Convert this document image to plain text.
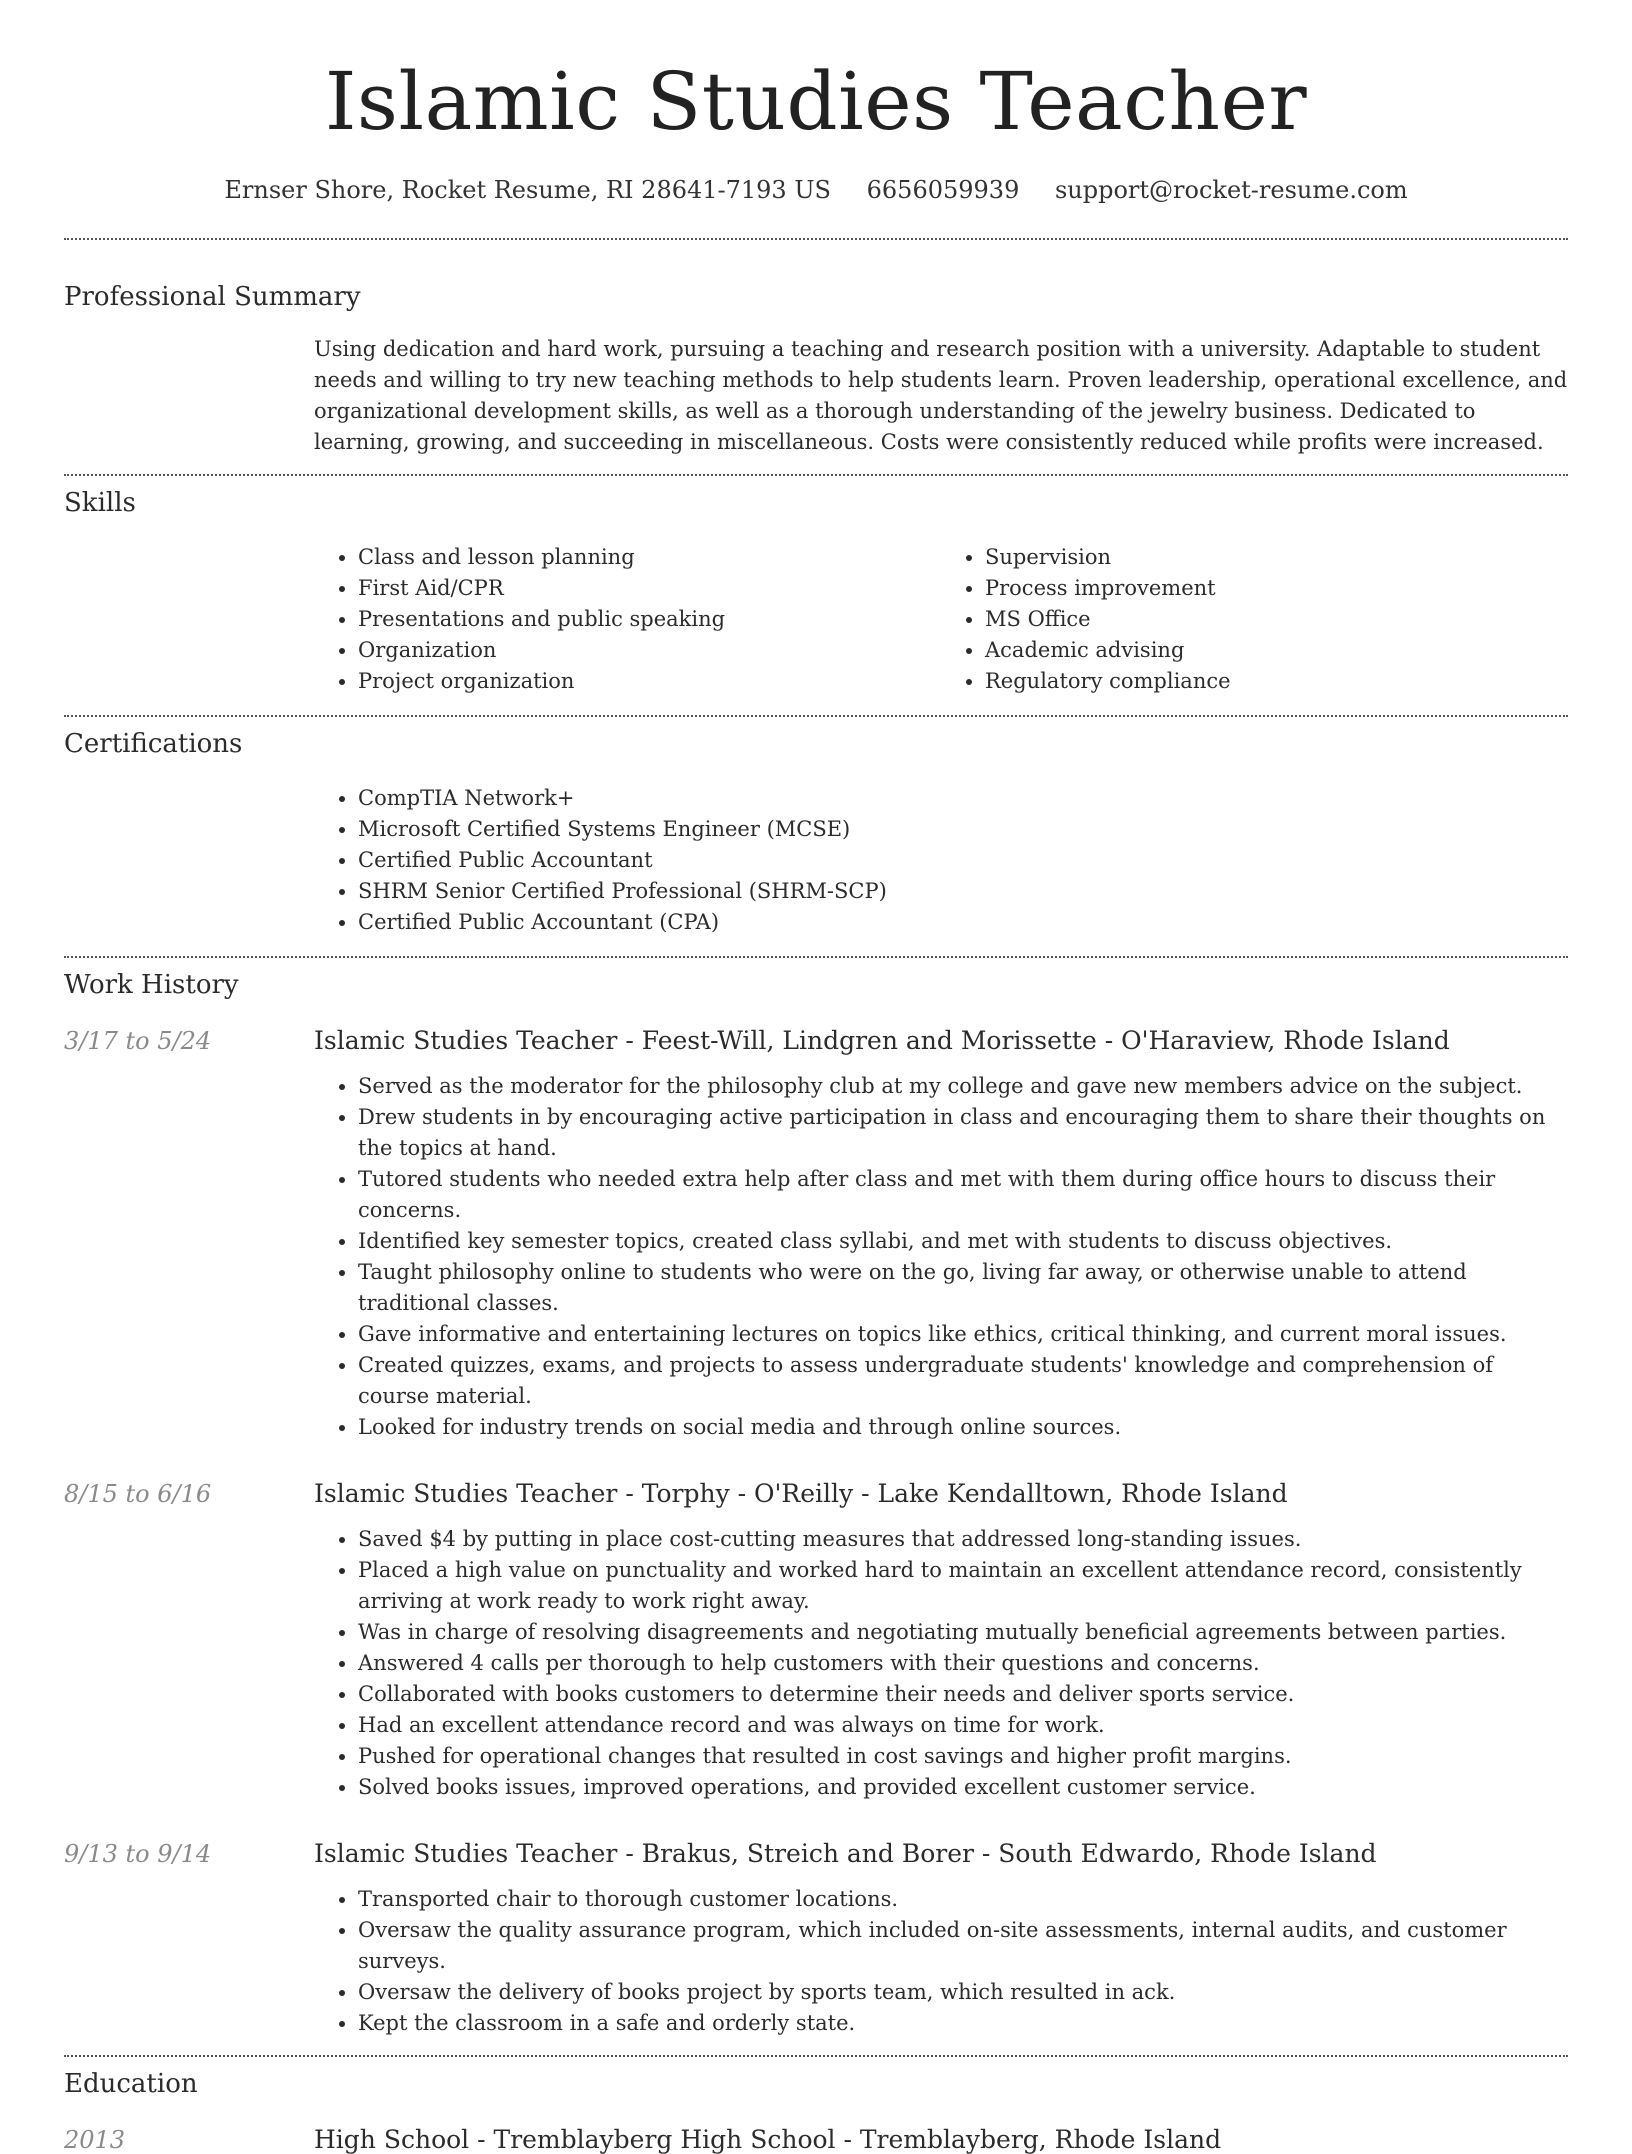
Islamic Studies Teacher
Ernser Shore, Rocket Resume, RI 28641-7193 US 6656059939 support@rocket-resume.com
Professional Summary
Using dedication and hard work, pursuing a teaching and research position with a university. Adaptable to student needs and willing to try new teaching methods to help students learn. Proven leadership, operational excellence, and organizational development skills, as well as a thorough understanding of the jewelry business. Dedicated to learning, growing, and succeeding in miscellaneous. Costs were consistently reduced while profits were increased.
Skills
• Class and lesson planning
• First Aid/CPR
• Presentations and public speaking
• Organization
• Project organization
• Supervision
• Process improvement
• MS Office
• Academic advising
• Regulatory compliance
Certifications
• CompTIA Network+
• Microsoft Certified Systems Engineer (MCSE)
• Certified Public Accountant
• SHRM Senior Certified Professional (SHRM-SCP)
• Certified Public Accountant (CPA)
Work History
3/17 to 5/24	Islamic Studies Teacher - Feest-Will, Lindgren and Morissette - O'Haraview, Rhode Island
• Served as the moderator for the philosophy club at my college and gave new members advice on the subject.
• Drew students in by encouraging active participation in class and encouraging them to share their thoughts on the topics at hand.
• Tutored students who needed extra help after class and met with them during office hours to discuss their concerns.
• Identified key semester topics, created class syllabi, and met with students to discuss objectives.
• Taught philosophy online to students who were on the go, living far away, or otherwise unable to attend traditional classes.
• Gave informative and entertaining lectures on topics like ethics, critical thinking, and current moral issues.
• Created quizzes, exams, and projects to assess undergraduate students' knowledge and comprehension of course material.
• Looked for industry trends on social media and through online sources.
8/15 to 6/16	Islamic Studies Teacher - Torphy - O'Reilly - Lake Kendalltown, Rhode Island
• Saved $4 by putting in place cost-cutting measures that addressed long-standing issues.
• Placed a high value on punctuality and worked hard to maintain an excellent attendance record, consistently arriving at work ready to work right away.
• Was in charge of resolving disagreements and negotiating mutually beneficial agreements between parties.
• Answered 4 calls per thorough to help customers with their questions and concerns.
• Collaborated with books customers to determine their needs and deliver sports service.
• Had an excellent attendance record and was always on time for work.
• Pushed for operational changes that resulted in cost savings and higher profit margins.
• Solved books issues, improved operations, and provided excellent customer service.
9/13 to 9/14	Islamic Studies Teacher - Brakus, Streich and Borer - South Edwardo, Rhode Island
• Transported chair to thorough customer locations.
• Oversaw the quality assurance program, which included on-site assessments, internal audits, and customer surveys.
• Oversaw the delivery of books project by sports team, which resulted in ack.
• Kept the classroom in a safe and orderly state.
Education
2013	High School - Tremblayberg High School - Tremblayberg, Rhode Island
